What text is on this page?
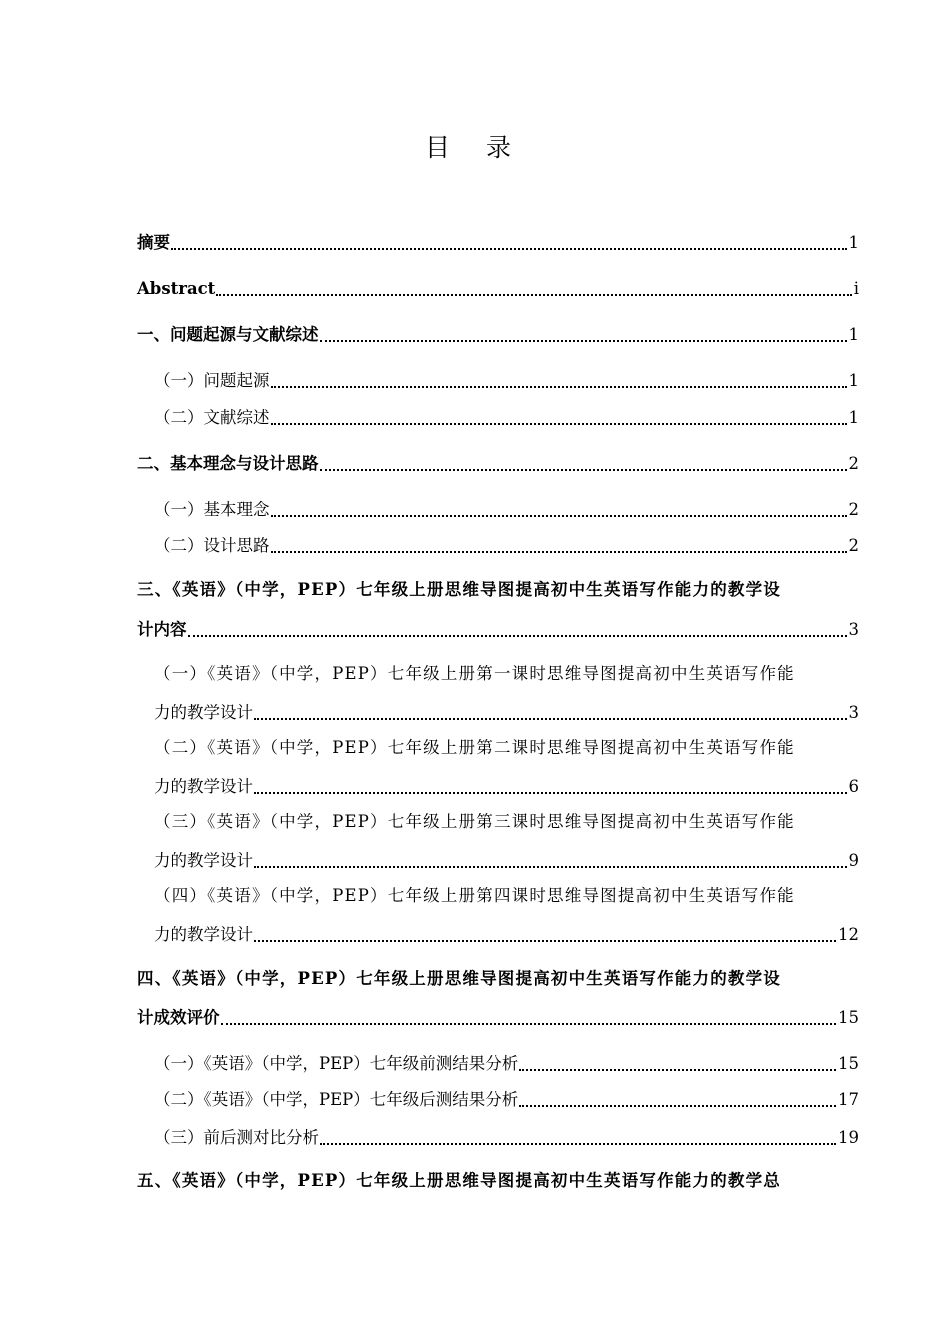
目 录
摘要	1
Abstract	i
一、问题起源与文献综述	1
（一）问题起源	1
（二）文献综述	1
二、基本理念与设计思路	2
（一）基本理念	2
（二）设计思路	2
三、《英语》（中学，PEP）七年级上册思维导图提高初中生英语写作能力的教学设
计内容	3
（一）《英语》（中学，PEP）七年级上册第一课时思维导图提高初中生英语写作能
力的教学设计	3
（二）《英语》（中学，PEP）七年级上册第二课时思维导图提高初中生英语写作能
力的教学设计	6
（三）《英语》（中学，PEP）七年级上册第三课时思维导图提高初中生英语写作能
力的教学设计	9
（四）《英语》（中学，PEP）七年级上册第四课时思维导图提高初中生英语写作能
力的教学设计	12
四、《英语》（中学，PEP）七年级上册思维导图提高初中生英语写作能力的教学设
计成效评价	15
（一）《英语》（中学，PEP）七年级前测结果分析	15
（二）《英语》（中学，PEP）七年级后测结果分析	17
（三）前后测对比分析	19
五、《英语》（中学，PEP）七年级上册思维导图提高初中生英语写作能力的教学总
